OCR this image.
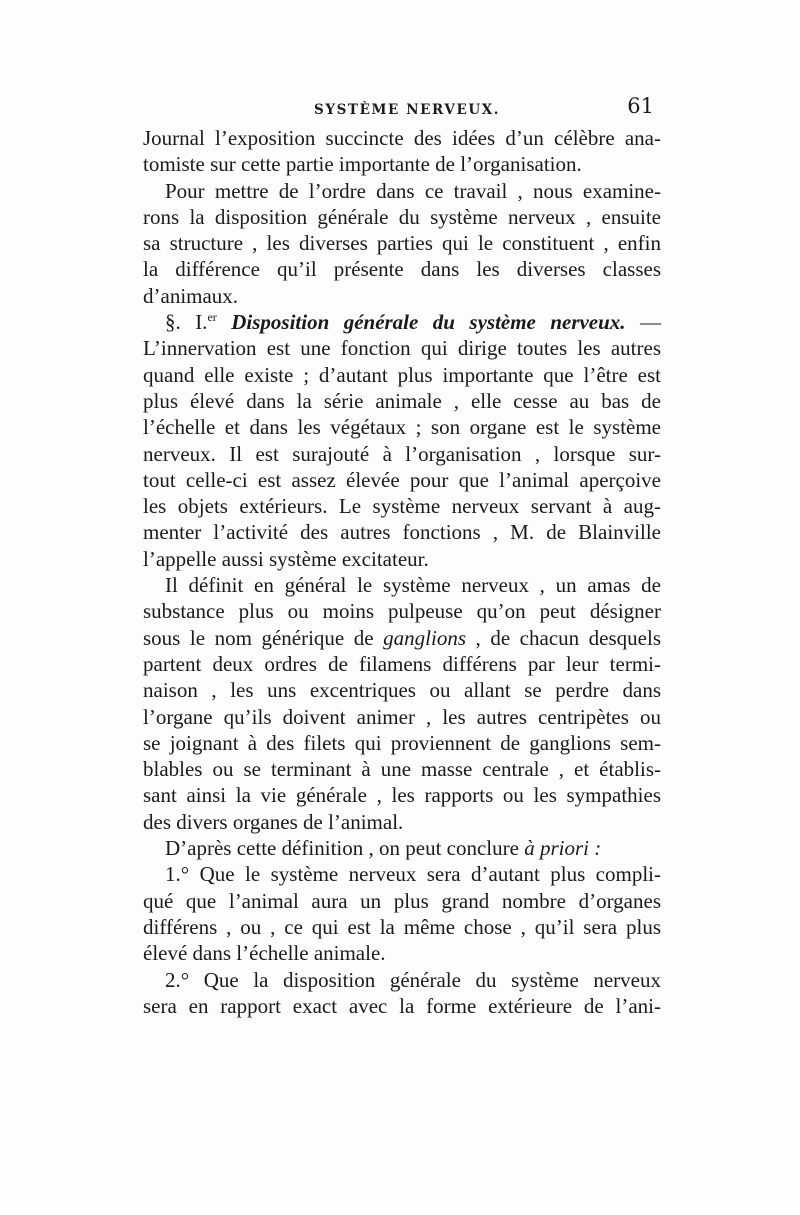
SYSTÈME NERVEUX.	61
Journal l’exposition succincte des idées d’un célèbre ana-
tomiste sur cette partie importante de l’organisation.
Pour mettre de l’ordre dans ce travail , nous examine-
rons la disposition générale du système nerveux , ensuite
sa structure , les diverses parties qui le constituent , enfin
la différence qu’il présente dans les diverses classes
d’animaux.
§. I.$^{er}$ Disposition générale du système nerveux. —
L’innervation est une fonction qui dirige toutes les autres
quand elle existe ; d’autant plus importante que l’être est
plus élevé dans la série animale , elle cesse au bas de
l’échelle et dans les végétaux ; son organe est le système
nerveux. Il est surajouté à l’organisation , lorsque sur-
tout celle-ci est assez élevée pour que l’animal aperçoive
les objets extérieurs. Le système nerveux servant à aug-
menter l’activité des autres fonctions , M. de Blainville
l’appelle aussi système excitateur.
Il définit en général le système nerveux , un amas de
substance plus ou moins pulpeuse qu’on peut désigner
sous le nom générique de ganglions , de chacun desquels
partent deux ordres de filamens différens par leur termi-
naison , les uns excentriques ou allant se perdre dans
l’organe qu’ils doivent animer , les autres centripètes ou
se joignant à des filets qui proviennent de ganglions sem-
blables ou se terminant à une masse centrale , et établis-
sant ainsi la vie générale , les rapports ou les sympathies
des divers organes de l’animal.
D’après cette définition , on peut conclure à priori :
1.° Que le système nerveux sera d’autant plus compli-
qué que l’animal aura un plus grand nombre d’organes
différens , ou , ce qui est la même chose , qu’il sera plus
élevé dans l’échelle animale.
2.° Que la disposition générale du système nerveux
sera en rapport exact avec la forme extérieure de l’ani-
